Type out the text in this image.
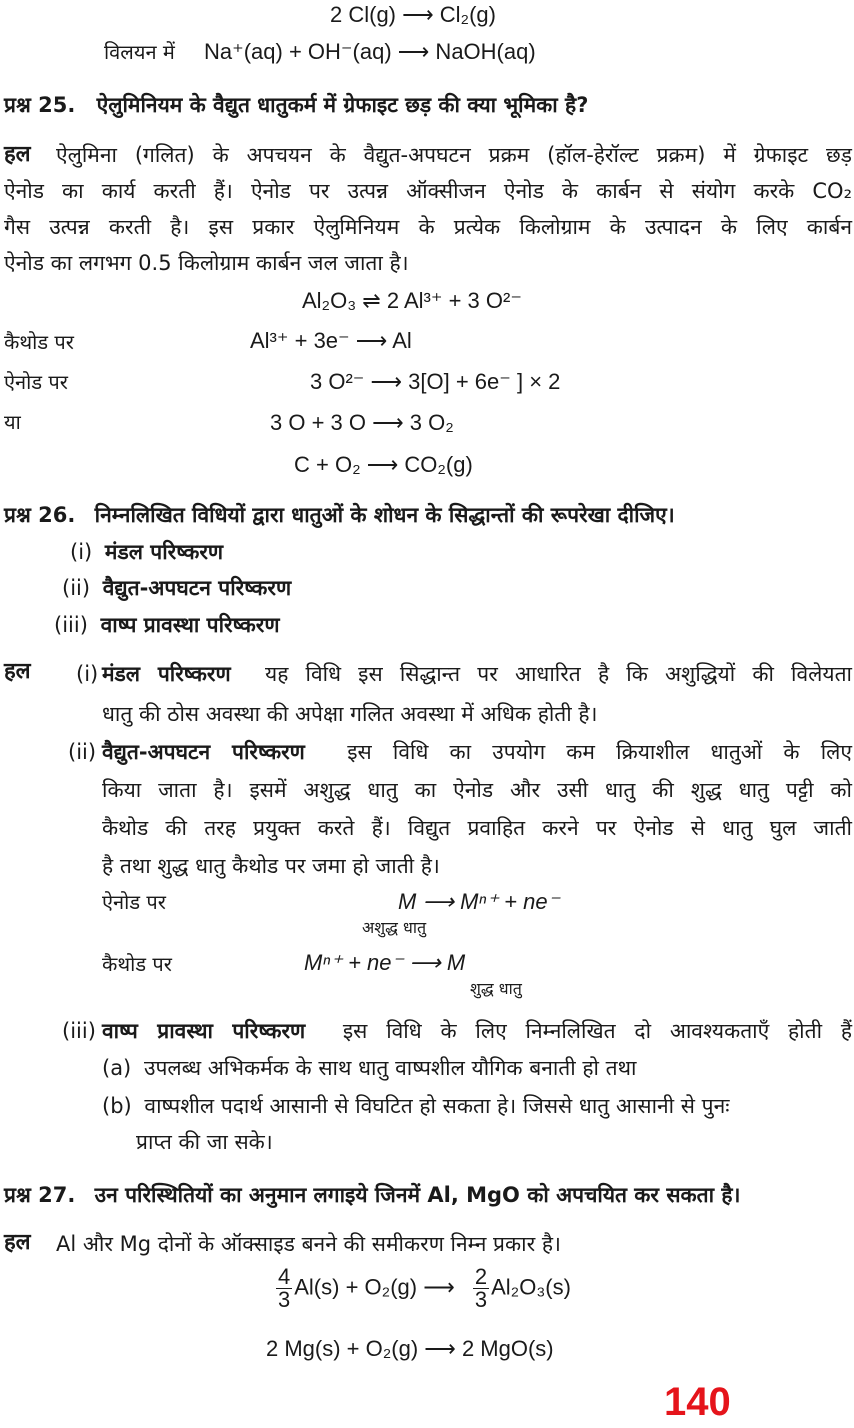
2 Cl(g) ⟶ Cl₂(g)
विलयन में Na⁺(aq) + OH⁻(aq) ⟶ NaOH(aq)
प्रश्न 25. ऐलुमिनियम के वैद्युत धातुकर्म में ग्रेफाइट छड़ की क्या भूमिका है?
हल ऐलुमिना (गलित) के अपचयन के वैद्युत-अपघटन प्रक्रम (हॉल-हेरॉल्ट प्रक्रम) में ग्रेफाइट छड़
ऐनोड का कार्य करती हैं। ऐनोड पर उत्पन्न ऑक्सीजन ऐनोड के कार्बन से संयोग करके CO₂
गैस उत्पन्न करती है। इस प्रकार ऐलुमिनियम के प्रत्येक किलोग्राम के उत्पादन के लिए कार्बन
ऐनोड का लगभग 0.5 किलोग्राम कार्बन जल जाता है।
Al₂O₃ ⇌ 2 Al³⁺ + 3 O²⁻
कैथोड पर	Al³⁺ + 3e⁻ ⟶ Al
ऐनोड पर	3 O²⁻ ⟶ 3[O] + 6e⁻ ] × 2
या	3 O + 3 O ⟶ 3 O₂
C + O₂ ⟶ CO₂(g)
प्रश्न 26. निम्नलिखित विधियों द्वारा धातुओं के शोधन के सिद्धान्तों की रूपरेखा दीजिए।
(i) मंडल परिष्करण
(ii) वैद्युत-अपघटन परिष्करण
(iii) वाष्प प्रावस्था परिष्करण
हल (i) मंडल परिष्करण यह विधि इस सिद्धान्त पर आधारित है कि अशुद्धियों की विलेयता
धातु की ठोस अवस्था की अपेक्षा गलित अवस्था में अधिक होती है।
(ii) वैद्युत-अपघटन परिष्करण इस विधि का उपयोग कम क्रियाशील धातुओं के लिए
किया जाता है। इसमें अशुद्ध धातु का ऐनोड और उसी धातु की शुद्ध धातु पट्टी को
कैथोड की तरह प्रयुक्त करते हैं। विद्युत प्रवाहित करने पर ऐनोड से धातु घुल जाती
है तथा शुद्ध धातु कैथोड पर जमा हो जाती है।
ऐनोड पर	M ⟶ Mⁿ⁺ + ne⁻
अशुद्ध धातु
कैथोड पर	Mⁿ⁺ + ne⁻ ⟶ M
शुद्ध धातु
(iii) वाष्प प्रावस्था परिष्करण इस विधि के लिए निम्नलिखित दो आवश्यकताएँ होती हैं
(a) उपलब्ध अभिकर्मक के साथ धातु वाष्पशील यौगिक बनाती हो तथा
(b) वाष्पशील पदार्थ आसानी से विघटित हो सकता हे। जिससे धातु आसानी से पुनः
प्राप्त की जा सके।
प्रश्न 27. उन परिस्थितियों का अनुमान लगाइये जिनमें Al, MgO को अपचयित कर सकता है।
हल Al और Mg दोनों के ऑक्साइड बनने की समीकरण निम्न प्रकार है।
$\frac{4}{3} Al(s) + O_2(g)$ ⟶ $\frac{2}{3} Al_2O_3(s)$
2 Mg(s) + O₂(g) ⟶ 2 MgO(s)
140
